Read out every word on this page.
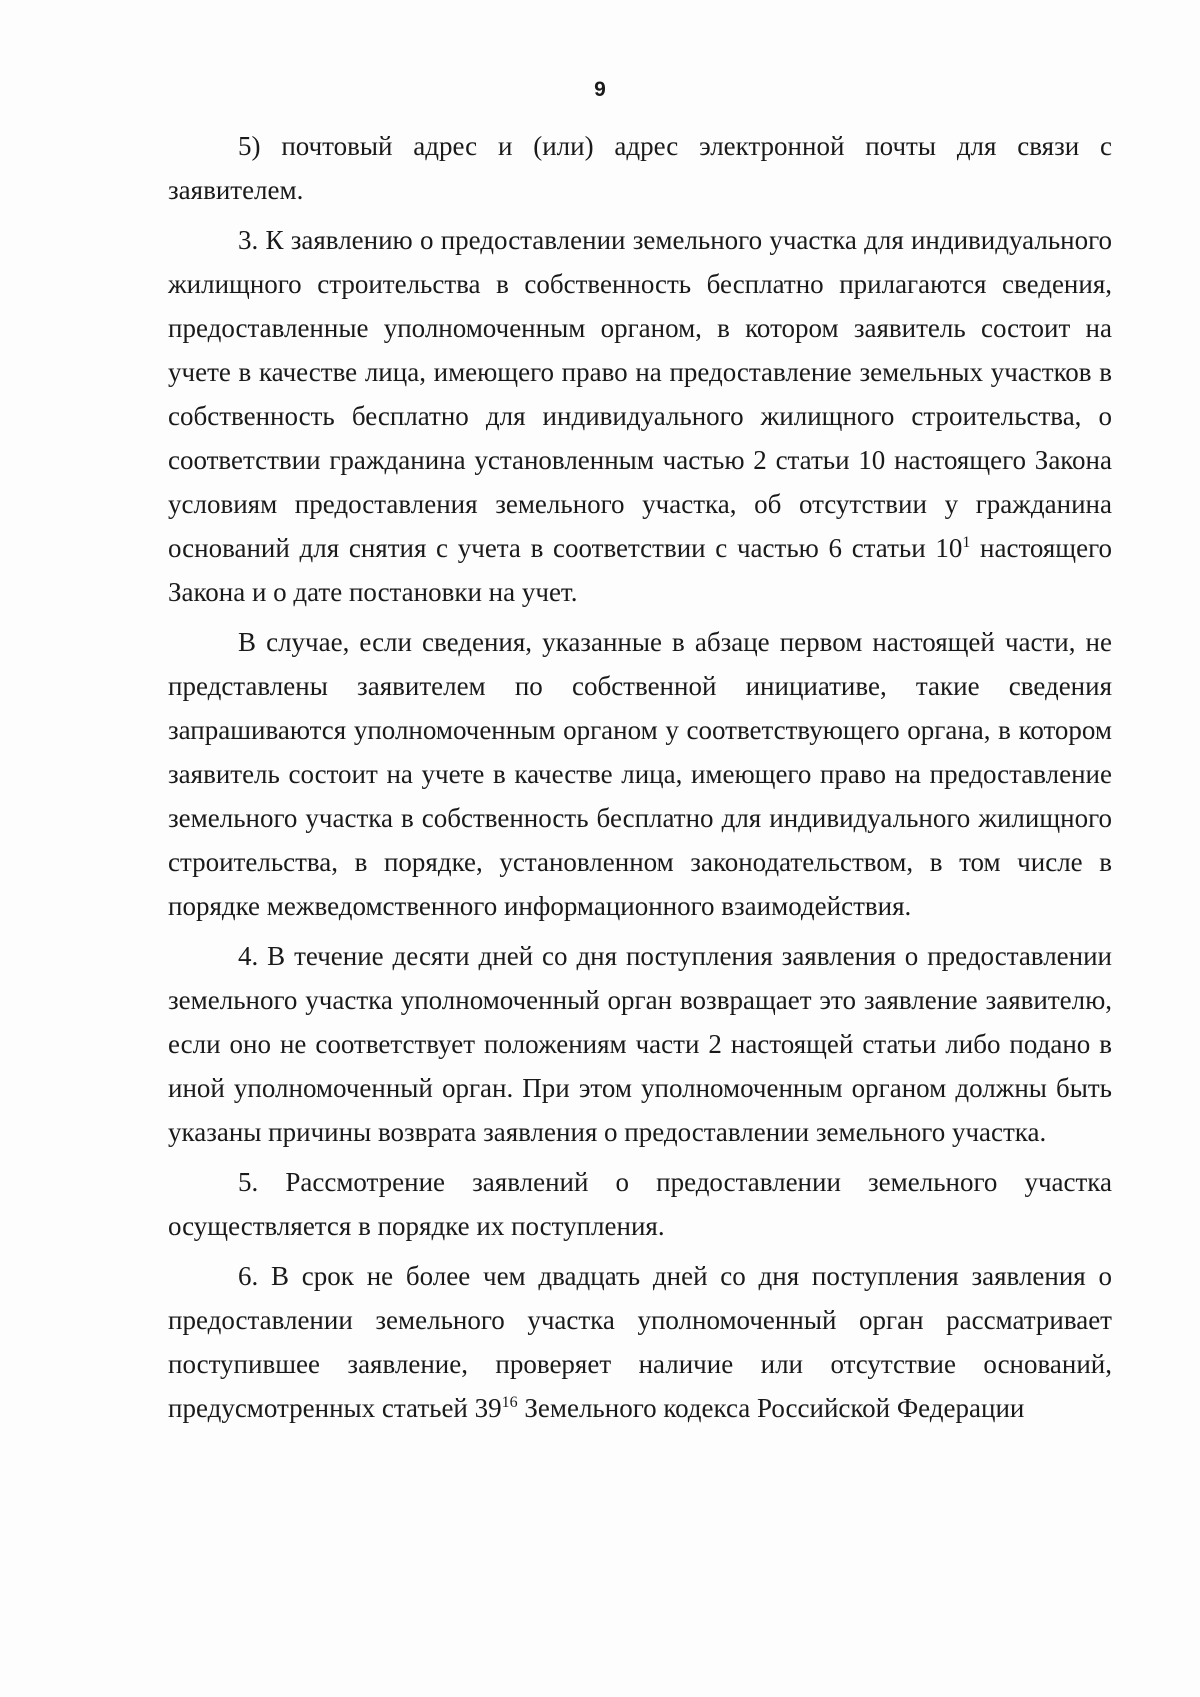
9

5) почтовый адрес и (или) адрес электронной почты для связи с заявителем.

3. К заявлению о предоставлении земельного участка для индивидуального жилищного строительства в собственность бесплатно прилагаются сведения, предоставленные уполномоченным органом, в котором заявитель состоит на учете в качестве лица, имеющего право на предоставление земельных участков в собственность бесплатно для индивидуального жилищного строительства, о соответствии гражданина установленным частью 2 статьи 10 настоящего Закона условиям предоставления земельного участка, об отсутствии у гражданина оснований для снятия с учета в соответствии с частью 6 статьи $10^1$ настоящего Закона и о дате постановки на учет.

В случае, если сведения, указанные в абзаце первом настоящей части, не представлены заявителем по собственной инициативе, такие сведения запрашиваются уполномоченным органом у соответствующего органа, в котором заявитель состоит на учете в качестве лица, имеющего право на предоставление земельного участка в собственность бесплатно для индивидуального жилищного строительства, в порядке, установленном законодательством, в том числе в порядке межведомственного информационного взаимодействия.

4. В течение десяти дней со дня поступления заявления о предоставлении земельного участка уполномоченный орган возвращает это заявление заявителю, если оно не соответствует положениям части 2 настоящей статьи либо подано в иной уполномоченный орган. При этом уполномоченным органом должны быть указаны причины возврата заявления о предоставлении земельного участка.

5. Рассмотрение заявлений о предоставлении земельного участка осуществляется в порядке их поступления.

6. В срок не более чем двадцать дней со дня поступления заявления о предоставлении земельного участка уполномоченный орган рассматривает поступившее заявление, проверяет наличие или отсутствие оснований, предусмотренных статьей $39^{16}$ Земельного кодекса Российской Федерации
